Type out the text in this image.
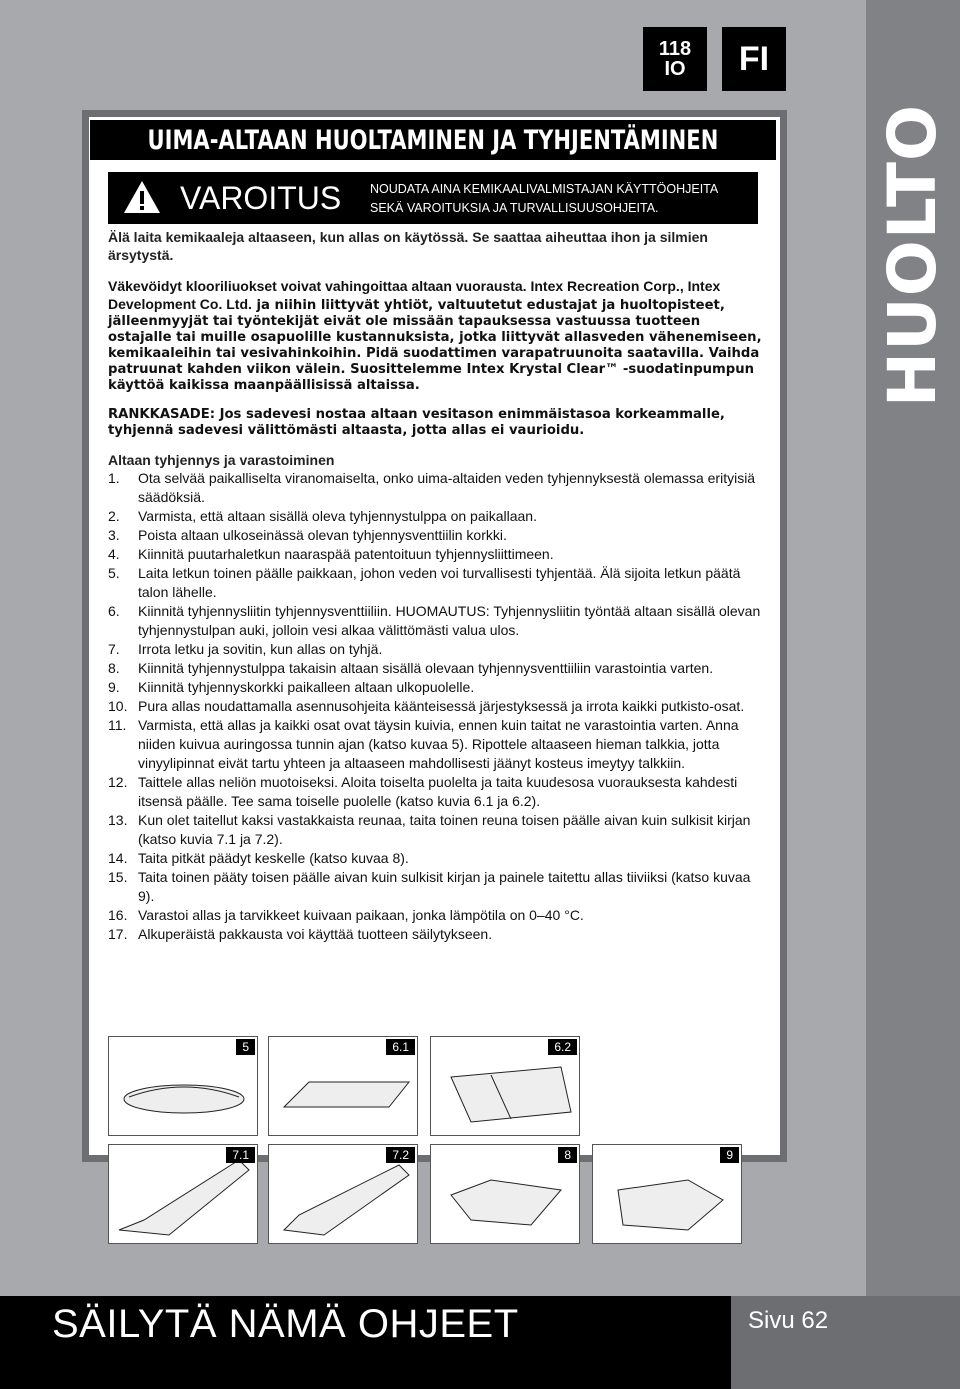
HUOLTO
118
IO	FI
UIMA-ALTAAN HUOLTAMINEN JA TYHJENTÄMINEN
VAROITUS NOUDATA AINA KEMIKAALIVALMISTAJAN KÄYTTÖOHJEITA
SEKÄ VAROITUKSIA JA TURVALLISUUSOHJEITA.

Älä laita kemikaaleja altaaseen, kun allas on käytössä. Se saattaa aiheuttaa ihon ja silmien ärsytystä.

Väkevöidyt klooriliuokset voivat vahingoittaa altaan vuorausta. Intex Recreation Corp., Intex Development Co. Ltd. ja niihin liittyvät yhtiöt, valtuutetut edustajat ja huoltopisteet, jälleenmyyjät tai työntekijät eivät ole missään tapauksessa vastuussa tuotteen ostajalle tai muille osapuolille kustannuksista, jotka liittyvät allasveden vähenemiseen, kemikaaleihin tai vesivahinkoihin. Pidä suodattimen varapatruunoita saatavilla. Vaihda patruunat kahden viikon välein. Suosittelemme Intex Krystal Clear™ -suodatinpumpun käyttöä kaikissa maanpäällisissä altaissa.

RANKKASADE: Jos sadevesi nostaa altaan vesitason enimmäistasoa korkeammalle, tyhjennä sadevesi välittömästi altaasta, jotta allas ei vaurioidu.

Altaan tyhjennys ja varastoiminen

1.	Ota selvää paikalliselta viranomaiselta, onko uima-altaiden veden tyhjennyksestä olemassa erityisiä säädöksiä.
2.	Varmista, että altaan sisällä oleva tyhjennystulppa on paikallaan.
3.	Poista altaan ulkoseinässä olevan tyhjennysventtiilin korkki.
4.	Kiinnitä puutarhaletkun naaraspää patentoituun tyhjennysliittimeen.
5.	Laita letkun toinen päälle paikkaan, johon veden voi turvallisesti tyhjentää. Älä sijoita letkun päätä talon lähelle.
6.	Kiinnitä tyhjennysliitin tyhjennysventtiiliin. HUOMAUTUS: Tyhjennysliitin työntää altaan sisällä olevan tyhjennystulpan auki, jolloin vesi alkaa välittömästi valua ulos.
7.	Irrota letku ja sovitin, kun allas on tyhjä.
8.	Kiinnitä tyhjennystulppa takaisin altaan sisällä olevaan tyhjennysventtiiliin varastointia varten.
9.	Kiinnitä tyhjennyskorkki paikalleen altaan ulkopuolelle.
10. Pura allas noudattamalla asennusohjeita käänteisessä järjestyksessä ja irrota kaikki putkisto-osat.
11. Varmista, että allas ja kaikki osat ovat täysin kuivia, ennen kuin taitat ne varastointia varten. Anna niiden kuivua auringossa tunnin ajan (katso kuvaa 5). Ripottele altaaseen hieman talkkia, jotta vinyylipinnat eivät tartu yhteen ja altaaseen mahdollisesti jäänyt kosteus imeytyy talkkiin.
12. Taittele allas neliön muotoiseksi. Aloita toiselta puolelta ja taita kuudesosa vuorauksesta kahdesti itsensä päälle. Tee sama toiselle puolelle (katso kuvia 6.1 ja 6.2).
13. Kun olet taitellut kaksi vastakkaista reunaa, taita toinen reuna toisen päälle aivan kuin sulkisit kirjan (katso kuvia 7.1 ja 7.2).
14. Taita pitkät päädyt keskelle (katso kuvaa 8).
15. Taita toinen pääty toisen päälle aivan kuin sulkisit kirjan ja painele taitettu allas tiiviiksi (katso kuvaa 9).
16. Varastoi allas ja tarvikkeet kuivaan paikaan, jonka lämpötila on 0–40 °C.
17. Alkuperäistä pakkausta voi käyttää tuotteen säilytykseen.
5	6.1	6.2
7.1	7.2	8	9
SÄILYTÄ NÄMÄ OHJEET	Sivu 62
